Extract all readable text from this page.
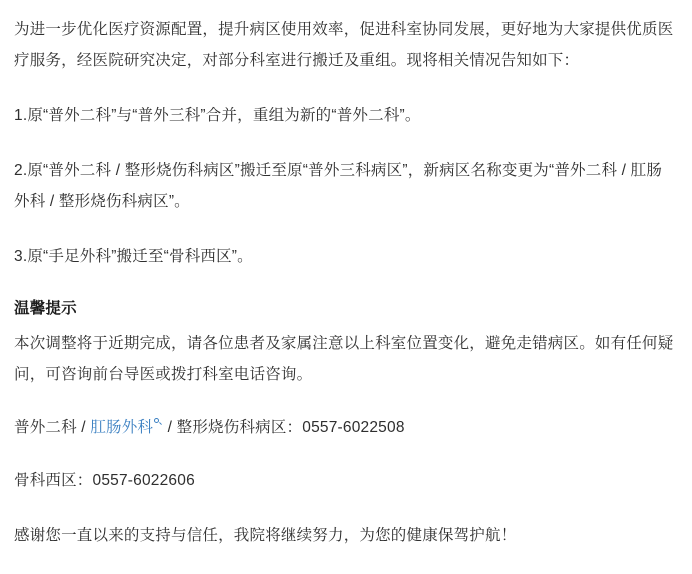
为进一步优化医疗资源配置，提升病区使用效率，促进科室协同发展，更好地为大家提供优质医疗服务，经医院研究决定，对部分科室进行搬迁及重组。现将相关情况告知如下：

1.原“普外二科”与“普外三科”合并，重组为新的“普外二科”。

2.原“普外二科 / 整形烧伤科病区”搬迁至原“普外三科病区”，新病区名称变更为“普外二科 / 肛肠外科 / 整形烧伤科病区”。

3.原“手足外科”搬迁至“骨科西区”。

温馨提示

本次调整将于近期完成，请各位患者及家属注意以上科室位置变化，避免走错病区。如有任何疑问，可咨询前台导医或拨打科室电话咨询。

普外二科 / 肛肠外科 / 整形烧伤科病区：0557-6022508

骨科西区：0557-6022606

感谢您一直以来的支持与信任，我院将继续努力，为您的健康保驾护航！
